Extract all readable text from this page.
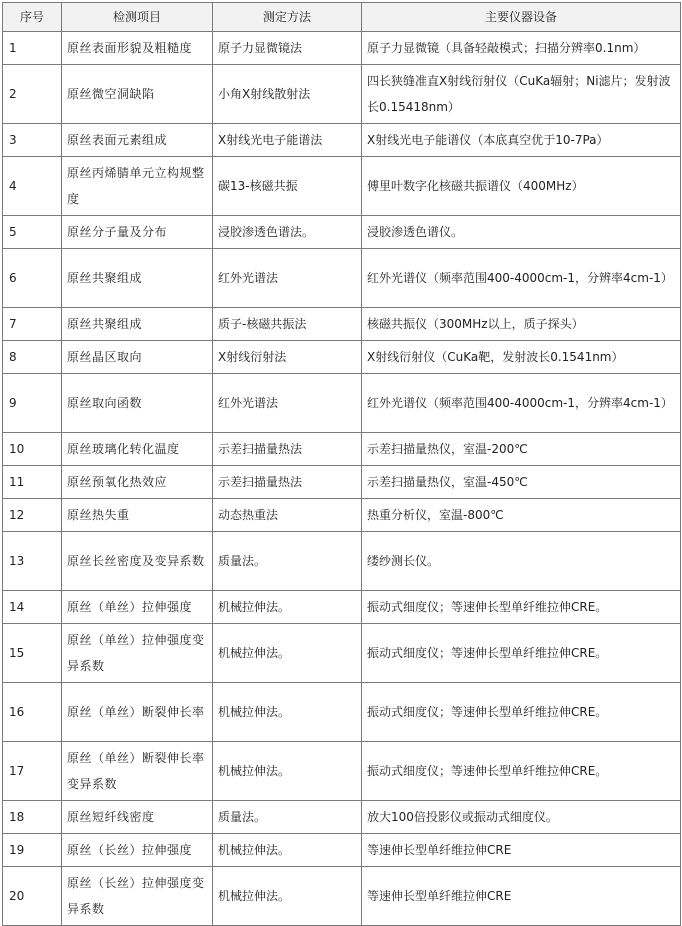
序号	检测项目	测定方法	主要仪器设备
1	原丝表面形貌及粗糙度	原子力显微镜法	原子力显微镜（具备轻敲模式；扫描分辨率0.1nm）
2	原丝微空洞缺陷	小角X射线散射法	四长狭缝准直X射线衍射仪（CuKa辐射；Ni滤片；发射波长0.15418nm）
3	原丝表面元素组成	X射线光电子能谱法	X射线光电子能谱仪（本底真空优于10-7Pa）
4	原丝丙烯腈单元立构规整度	碳13-核磁共振	傅里叶数字化核磁共振谱仪（400MHz）
5	原丝分子量及分布	浸胶渗透色谱法。	浸胶渗透色谱仪。
6	原丝共聚组成	红外光谱法	红外光谱仪（频率范围400-4000cm-1，分辨率4cm-1）
7	原丝共聚组成	质子-核磁共振法	核磁共振仪（300MHz以上，质子探头）
8	原丝晶区取向	X射线衍射法	X射线衍射仪（CuKa靶，发射波长0.1541nm）
9	原丝取向函数	红外光谱法	红外光谱仪（频率范围400-4000cm-1，分辨率4cm-1）
10	原丝玻璃化转化温度	示差扫描量热法	示差扫描量热仪，室温-200℃
11	原丝预氧化热效应	示差扫描量热法	示差扫描量热仪，室温-450℃
12	原丝热失重	动态热重法	热重分析仪，室温-800℃
13	原丝长丝密度及变异系数	质量法。	缕纱测长仪。
14	原丝（单丝）拉伸强度	机械拉伸法。	振动式细度仪；等速伸长型单纤维拉伸CRE。
15	原丝（单丝）拉伸强度变异系数	机械拉伸法。	振动式细度仪；等速伸长型单纤维拉伸CRE。
16	原丝（单丝）断裂伸长率	机械拉伸法。	振动式细度仪；等速伸长型单纤维拉伸CRE。
17	原丝（单丝）断裂伸长率变异系数	机械拉伸法。	振动式细度仪；等速伸长型单纤维拉伸CRE。
18	原丝短纤线密度	质量法。	放大100倍投影仪或振动式细度仪。
19	原丝（长丝）拉伸强度	机械拉伸法。	等速伸长型单纤维拉伸CRE
20	原丝（长丝）拉伸强度变异系数	机械拉伸法。	等速伸长型单纤维拉伸CRE
